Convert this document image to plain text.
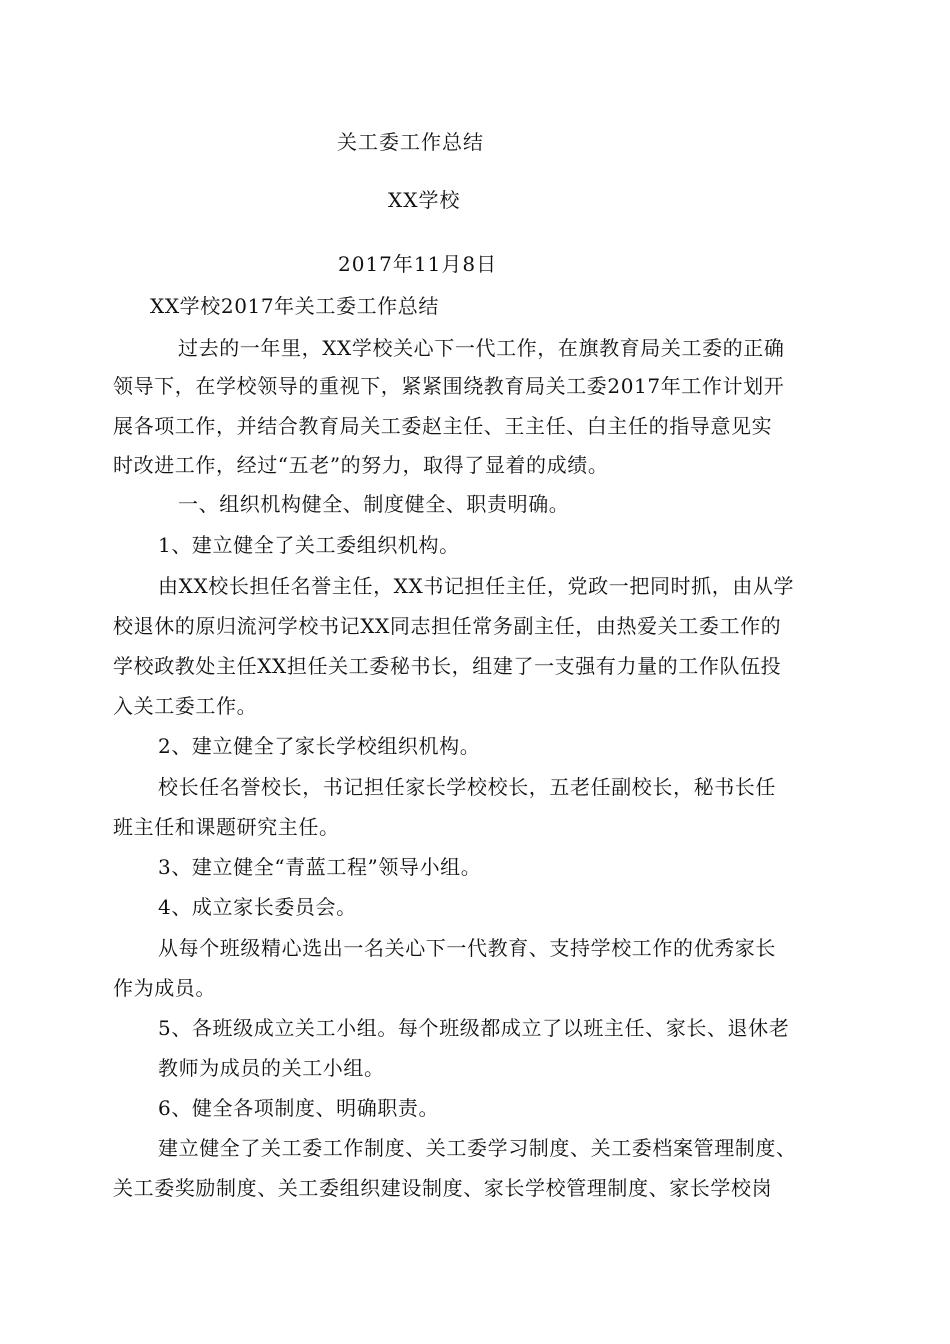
关工委工作总结
XX学校
2017年11月8日
XX学校2017年关工委工作总结
过去的一年里，XX学校关心下一代工作，在旗教育局关工委的正确
领导下，在学校领导的重视下，紧紧围绕教育局关工委2017年工作计划开
展各项工作，并结合教育局关工委赵主任、王主任、白主任的指导意见实
时改进工作，经过“五老”的努力，取得了显着的成绩。
一、组织机构健全、制度健全、职责明确。
1、建立健全了关工委组织机构。
由XX校长担任名誉主任，XX书记担任主任，党政一把同时抓，由从学
校退休的原归流河学校书记XX同志担任常务副主任，由热爱关工委工作的
学校政教处主任XX担任关工委秘书长，组建了一支强有力量的工作队伍投
入关工委工作。
2、建立健全了家长学校组织机构。
校长任名誉校长，书记担任家长学校校长，五老任副校长，秘书长任
班主任和课题研究主任。
3、建立健全“青蓝工程”领导小组。
4、成立家长委员会。
从每个班级精心选出一名关心下一代教育、支持学校工作的优秀家长
作为成员。
5、各班级成立关工小组。每个班级都成立了以班主任、家长、退休老
教师为成员的关工小组。
6、健全各项制度、明确职责。
建立健全了关工委工作制度、关工委学习制度、关工委档案管理制度、
关工委奖励制度、关工委组织建设制度、家长学校管理制度、家长学校岗
